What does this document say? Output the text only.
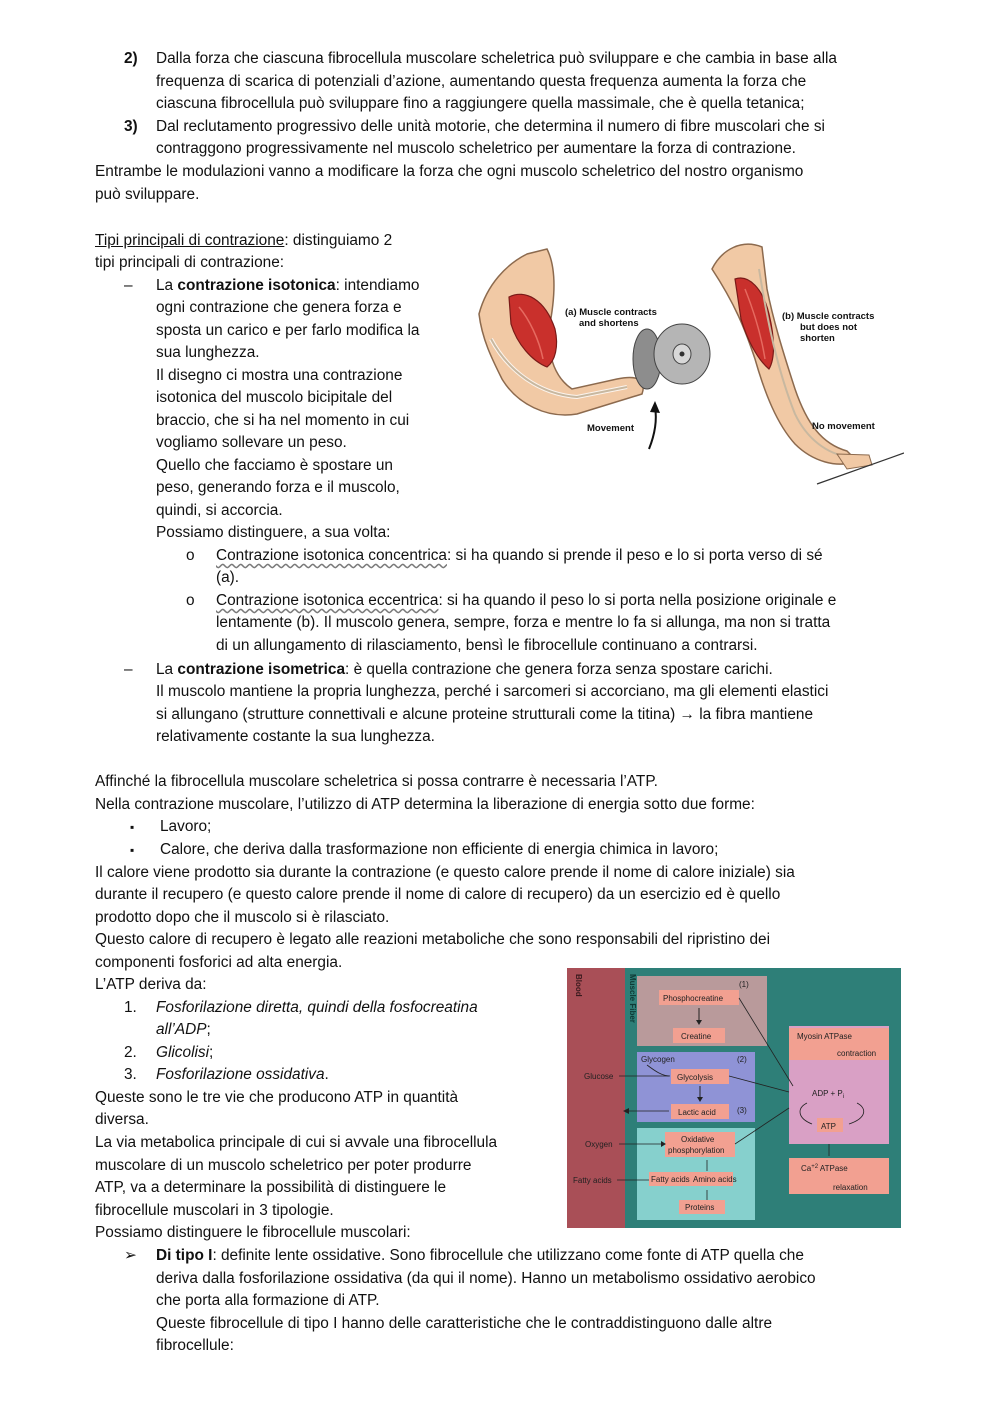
2) Dalla forza che ciascuna fibrocellula muscolare scheletrica può sviluppare e che cambia in base alla
frequenza di scarica di potenziali d’azione, aumentando questa frequenza aumenta la forza che
ciascuna fibrocellula può sviluppare fino a raggiungere quella massimale, che è quella tetanica;
3) Dal reclutamento progressivo delle unità motorie, che determina il numero di fibre muscolari che si
contraggono progressivamente nel muscolo scheletrico per aumentare la forza di contrazione.
Entrambe le modulazioni vanno a modificare la forza che ogni muscolo scheletrico del nostro organismo
può sviluppare.
Tipi principali di contrazione: distinguiamo 2
tipi principali di contrazione:
– La contrazione isotonica: intendiamo
ogni contrazione che genera forza e
sposta un carico e per farlo modifica la
sua lunghezza.
Il disegno ci mostra una contrazione
isotonica del muscolo bicipitale del
braccio, che si ha nel momento in cui
vogliamo sollevare un peso.
Quello che facciamo è spostare un
peso, generando forza e il muscolo,
quindi, si accorcia.
Possiamo distinguere, a sua volta:
o Contrazione isotonica concentrica: si ha quando si prende il peso e lo si porta verso di sé
(a).
o Contrazione isotonica eccentrica: si ha quando il peso lo si porta nella posizione originale e
lentamente (b). Il muscolo genera, sempre, forza e mentre lo fa si allunga, ma non si tratta
di un allungamento di rilasciamento, bensì le fibrocellule continuano a contrarsi.
– La contrazione isometrica: è quella contrazione che genera forza senza spostare carichi.
Il muscolo mantiene la propria lunghezza, perché i sarcomeri si accorciano, ma gli elementi elastici
si allungano (strutture connettivali e alcune proteine strutturali come la titina) → la fibra mantiene
relativamente costante la sua lunghezza.
(a) Muscle contracts
and shortens
(b) Muscle contracts
but does not
shorten
Movement	No movement
Affinché la fibrocellula muscolare scheletrica si possa contrarre è necessaria l’ATP.
Nella contrazione muscolare, l’utilizzo di ATP determina la liberazione di energia sotto due forme:
▪ Lavoro;
▪ Calore, che deriva dalla trasformazione non efficiente di energia chimica in lavoro;
Il calore viene prodotto sia durante la contrazione (e questo calore prende il nome di calore iniziale) sia
durante il recupero (e questo calore prende il nome di calore di recupero) da un esercizio ed è quello
prodotto dopo che il muscolo si è rilasciato.
Questo calore di recupero è legato alle reazioni metaboliche che sono responsabili del ripristino dei
componenti fosforici ad alta energia.
L’ATP deriva da:
1. Fosforilazione diretta, quindi della fosfocreatina
all’ADP;
2. Glicolisi;
3. Fosforilazione ossidativa.
Queste sono le tre vie che producono ATP in quantità
diversa.
La via metabolica principale di cui si avvale una fibrocellula
muscolare di un muscolo scheletrico per poter produrre
ATP, va a determinare la possibilità di distinguere le
fibrocellule muscolari in 3 tipologie.
Possiamo distinguere le fibrocellule muscolari:
➢ Di tipo I: definite lente ossidative. Sono fibrocellule che utilizzano come fonte di ATP quella che
deriva dalla fosforilazione ossidativa (da qui il nome). Hanno un metabolismo ossidativo aerobico
che porta alla formazione di ATP.
Queste fibrocellule di tipo I hanno delle caratteristiche che le contraddistinguono dalle altre
fibrocellule:
Blood	Muscle Fiber	(1)
Phosphocreatine
Creatine
Glycogen	(2)
Glycolysis
Lactic acid	(3)
Glucose
Oxidative
phosphorylation
Oxygen
Fatty acids	Fatty acids Amino acids
Proteins
Myosin ATPase
contraction
ADP + $P_i$
ATP
$Ca^{+2}$ ATPase
relaxation
